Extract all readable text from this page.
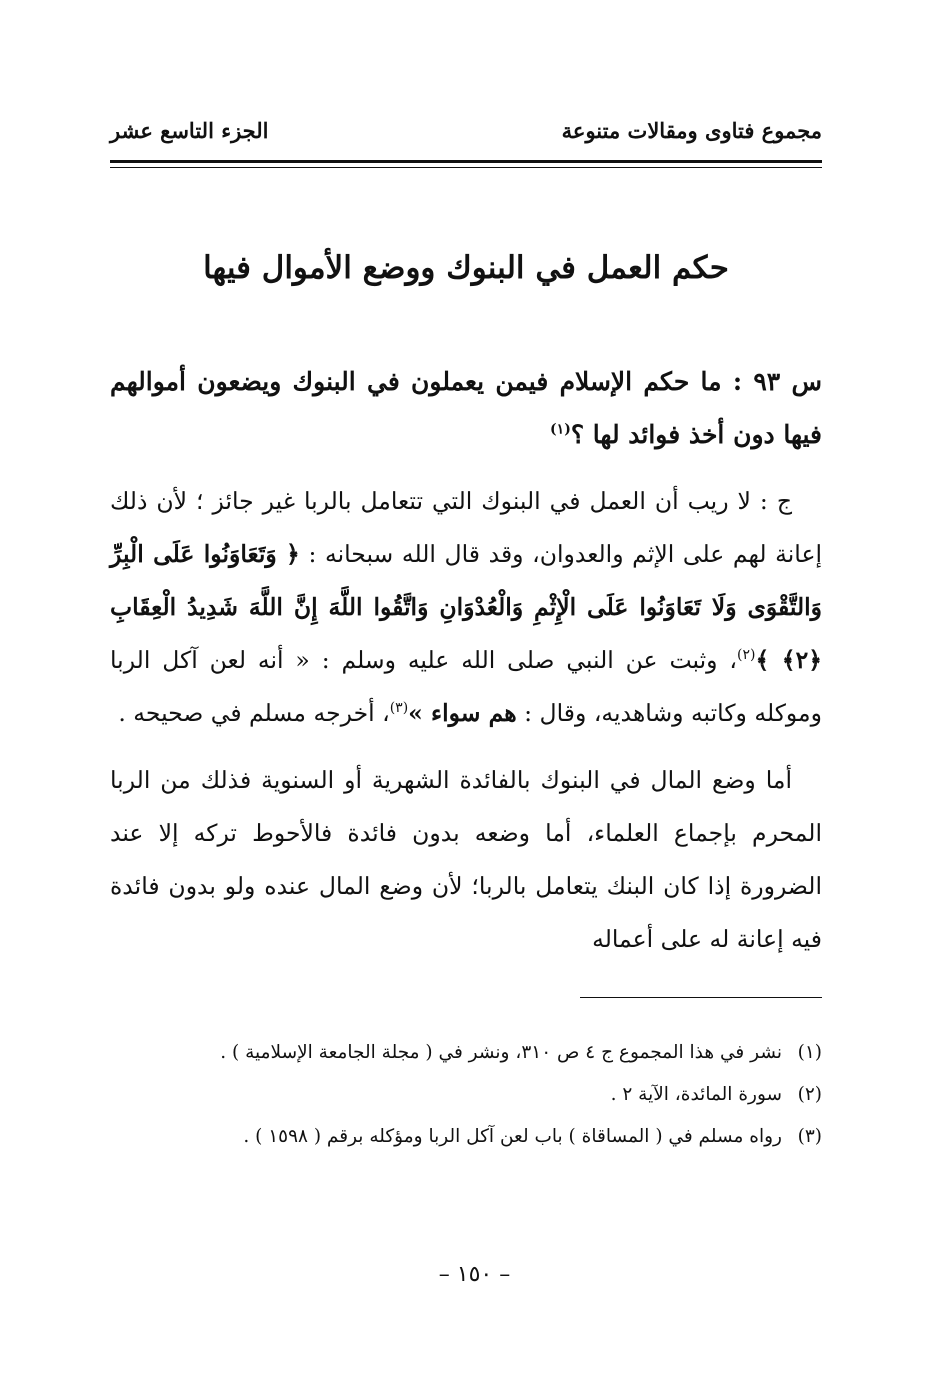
مجموع فتاوى ومقالات متنوعة
الجزء التاسع عشر
حكم العمل في البنوك ووضع الأموال فيها

س ٩٣ : ما حكم الإسلام فيمن يعملون في البنوك ويضعون أموالهم فيها دون أخذ فوائد لها ؟$^{(١)}$

ج : لا ريب أن العمل في البنوك التي تتعامل بالربا غير جائز ؛ لأن ذلك إعانة لهم على الإثم والعدوان، وقد قال الله سبحانه : ﴿ وَتَعَاوَنُوا عَلَى الْبِرِّ وَالتَّقْوَى وَلَا تَعَاوَنُوا عَلَى الْإِثْمِ وَالْعُدْوَانِ وَاتَّقُوا اللَّهَ إِنَّ اللَّهَ شَدِيدُ الْعِقَابِ ﴿٢﴾ ﴾$^{(٢)}$، وثبت عن النبي صلى الله عليه وسلم : « أنه لعن آكل الربا وموكله وكاتبه وشاهديه، وقال : هم سواء »$^{(٣)}$، أخرجه مسلم في صحيحه .

أما وضع المال في البنوك بالفائدة الشهرية أو السنوية فذلك من الربا المحرم بإجماع العلماء، أما وضعه بدون فائدة فالأحوط تركه إلا عند الضرورة إذا كان البنك يتعامل بالربا؛ لأن وضع المال عنده ولو بدون فائدة فيه إعانة له على أعماله

(١)
نشر في هذا المجموع ج ٤ ص ٣١٠، ونشر في ( مجلة الجامعة الإسلامية ) .
(٢)
سورة المائدة، الآية ٢ .
(٣)
رواه مسلم في ( المساقاة ) باب لعن آكل الربا ومؤكله برقم ( ١٥٩٨ ) .
– ١٥٠ –
